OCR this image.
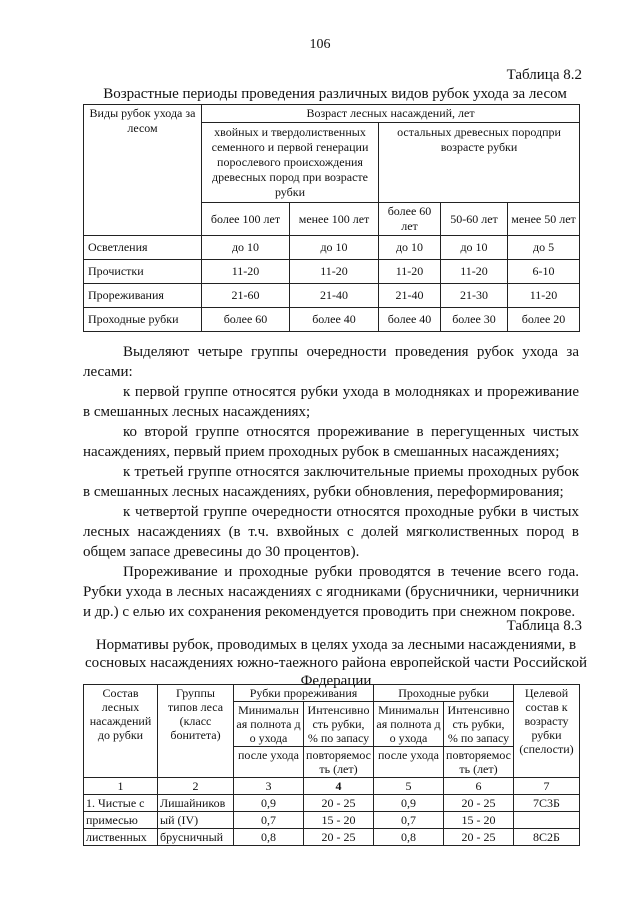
106
Таблица 8.2
Возрастные периоды проведения различных видов рубок ухода за лесом
Виды рубок ухода за лесом	Возраст лесных насаждений, лет				
	хвойных и твердолиственных семенного и первой генерации порослевого происхождения древесных пород при возрасте рубки		остальных древесных породпри возрасте рубки		
	более 100 лет	менее 100 лет	более 60 лет	50-60 лет	менее 50 лет
Осветления	до 10	до 10	до 10	до 10	до 5
Прочистки	11-20	11-20	11-20	11-20	6-10
Прореживания	21-60	21-40	21-40	21-30	11-20
Проходные рубки	более 60	более 40	более 40	более 30	более 20

Выделяют четыре группы очередности проведения рубок ухода за лесами:

к первой группе относятся рубки ухода в молодняках и прореживание в смешанных лесных насаждениях;

ко второй группе относятся прореживание в перегущенных чистых насаждениях, первый прием проходных рубок в смешанных насаждениях;

к третьей группе относятся заключительные приемы проходных рубок в смешанных лесных насаждениях, рубки обновления, переформирования;

к четвертой группе очередности относятся проходные рубки в чистых лесных насаждениях (в т.ч. вхвойных с долей мягколиственных пород в общем запасе древесины до 30 процентов).

Прореживание и проходные рубки проводятся в течение всего года. Рубки ухода в лесных насаждениях с ягодниками (брусничники, черничники и др.) с елью их сохранения рекомендуется проводить при снежном покрове.

Таблица 8.3
Нормативы рубок, проводимых в целях ухода за лесными насаждениями, в сосновых насаждениях южно-таежного района европейской части Российской Федерации
Состав лесных насаждений до рубки	Группы типов леса (класс бонитета)	Рубки прореживания		Проходные рубки		Целевой состав к возрасту рубки (спелости)
		Минимальная полнота до ухода	Интенсивность рубки, % по запасу	Минимальная полнота до ухода	Интенсивность рубки, % по запасу	
		после ухода	повторяемость (лет)	после ухода	повторяемость (лет)	
1	2	3	4	5	6	7
1. Чистые с	Лишайников	0,9	20 - 25	0,9	20 - 25	7С3Б
примесью	ый (IV)	0,7	15 - 20	0,7	15 - 20	
лиственных	брусничный	0,8	20 - 25	0,8	20 - 25	8С2Б
